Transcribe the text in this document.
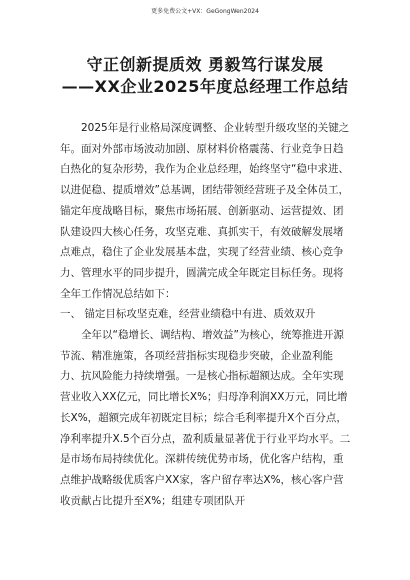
更多免费公文+VX：GeGongWen2024
守正创新提质效 勇毅笃行谋发展
——XX企业2025年度总经理工作总结

2025年是行业格局深度调整、企业转型升级攻坚的关键之年。面对外部市场波动加剧、原材料价格震荡、行业竞争日趋白热化的复杂形势，我作为企业总经理，始终坚守“稳中求进、以进促稳、提质增效”总基调，团结带领经营班子及全体员工，锚定年度战略目标，聚焦市场拓展、创新驱动、运营提效、团队建设四大核心任务，攻坚克难、真抓实干，有效破解发展堵点难点，稳住了企业发展基本盘，实现了经营业绩、核心竞争力、管理水平的同步提升，圆满完成全年既定目标任务。现将全年工作情况总结如下：

一、 锚定目标攻坚克难，经营业绩稳中有进、质效双升

全年以“稳增长、调结构、增效益”为核心，统筹推进开源节流、精准施策，各项经营指标实现稳步突破，企业盈利能力、抗风险能力持续增强。一是核心指标超额达成。全年实现营业收入XX亿元，同比增长X%；归母净利润XX万元，同比增长X%，超额完成年初既定目标；综合毛利率提升X个百分点，净利率提升X.5个百分点，盈利质量显著优于行业平均水平。二是市场布局持续优化。深耕传统优势市场，优化客户结构，重点维护战略级优质客户XX家，客户留存率达X%，核心客户营收贡献占比提升至X%；组建专项团队开
